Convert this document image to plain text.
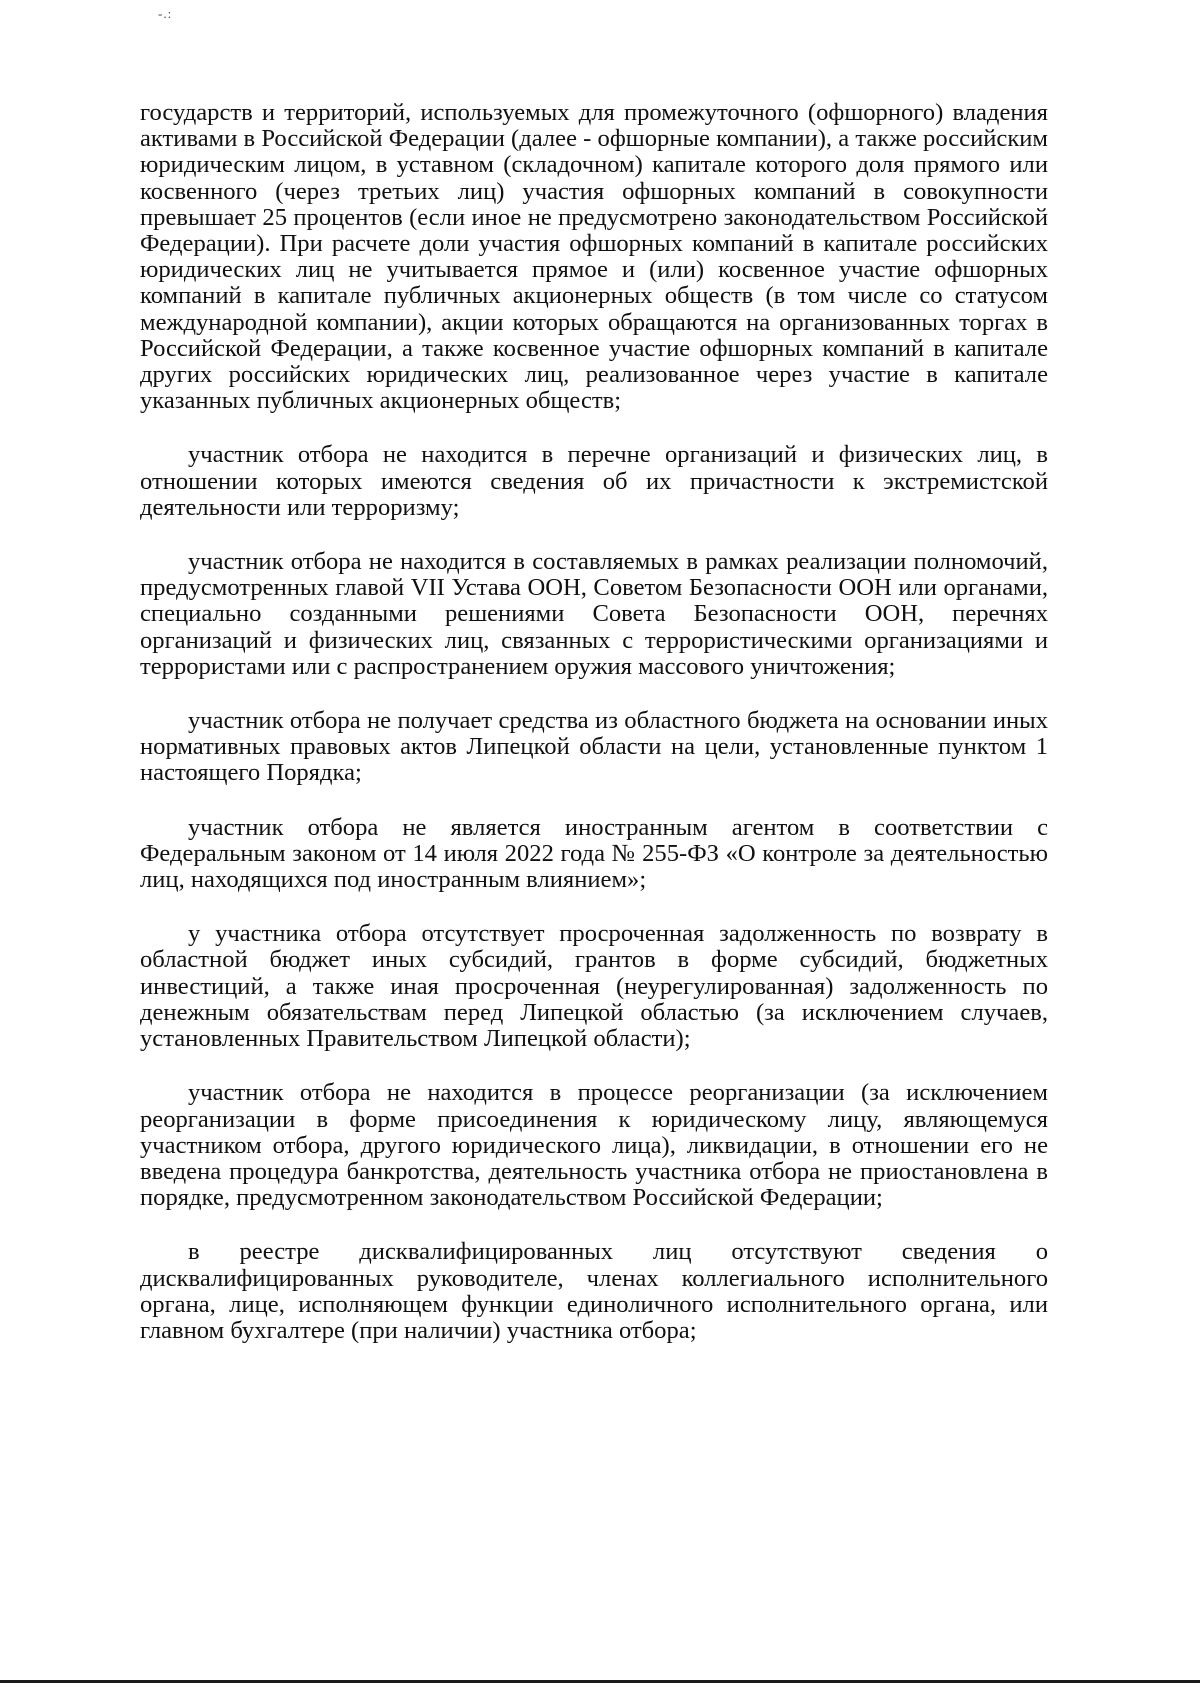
-.:

государств и территорий, используемых для промежуточного (офшорного) владения активами в Российской Федерации (далее - офшорные компании), а также российским юридическим лицом, в уставном (складочном) капитале которого доля прямого или косвенного (через третьих лиц) участия офшорных компаний в совокупности превышает 25 процентов (если иное не предусмотрено законодательством Российской Федерации). При расчете доли участия офшорных компаний в капитале российских юридических лиц не учитывается прямое и (или) косвенное участие офшорных компаний в капитале публичных акционерных обществ (в том числе со статусом международной компании), акции которых обращаются на организованных торгах в Российской Федерации, а также косвенное участие офшорных компаний в капитале других российских юридических лиц, реализованное через участие в капитале указанных публичных акционерных обществ;

участник отбора не находится в перечне организаций и физических лиц, в отношении которых имеются сведения об их причастности к экстремистской деятельности или терроризму;

участник отбора не находится в составляемых в рамках реализации полномочий, предусмотренных главой VII Устава ООН, Советом Безопасности ООН или органами, специально созданными решениями Совета Безопасности ООН, перечнях организаций и физических лиц, связанных с террористическими организациями и террористами или с распространением оружия массового уничтожения;

участник отбора не получает средства из областного бюджета на основании иных нормативных правовых актов Липецкой области на цели, установленные пунктом 1 настоящего Порядка;

участник отбора не является иностранным агентом в соответствии с Федеральным законом от 14 июля 2022 года № 255-ФЗ «О контроле за деятельностью лиц, находящихся под иностранным влиянием»;

у участника отбора отсутствует просроченная задолженность по возврату в областной бюджет иных субсидий, грантов в форме субсидий, бюджетных инвестиций, а также иная просроченная (неурегулированная) задолженность по денежным обязательствам перед Липецкой областью (за исключением случаев, установленных Правительством Липецкой области);

участник отбора не находится в процессе реорганизации (за исключением реорганизации в форме присоединения к юридическому лицу, являющемуся участником отбора, другого юридического лица), ликвидации, в отношении его не введена процедура банкротства, деятельность участника отбора не приостановлена в порядке, предусмотренном законодательством Российской Федерации;

в реестре дисквалифицированных лиц отсутствуют сведения о дисквалифицированных руководителе, членах коллегиального исполнительного органа, лице, исполняющем функции единоличного исполнительного органа, или главном бухгалтере (при наличии) участника отбора;
